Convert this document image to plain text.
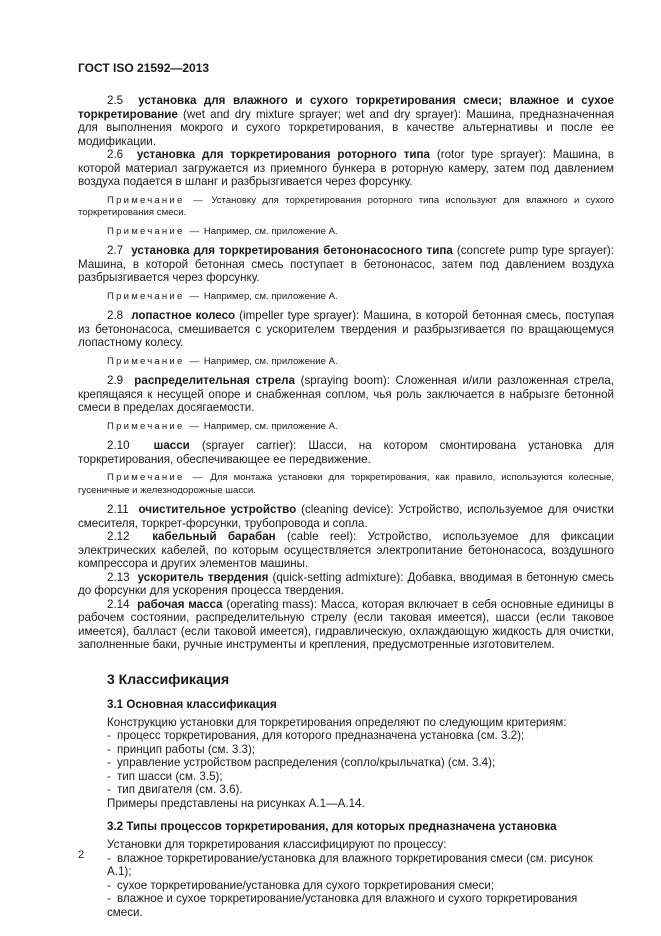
ГОСТ ISO 21592—2013

2.5 установка для влажного и сухого торкретирования смеси; влажное и сухое торкретирование (wet and dry mixture sprayer; wet and dry sprayer): Машина, предназначенная для выполнения мокрого и сухого торкретирования, в качестве альтернативы и после ее модификации.

2.6 установка для торкретирования роторного типа (rotor type sprayer): Машина, в которой материал загружается из приемного бункера в роторную камеру, затем под давлением воздуха подается в шланг и разбрызгивается через форсунку.

Примечание — Установку для торкретирования роторного типа используют для влажного и сухого торкретирования смеси.

Примечание — Например, см. приложение А.

2.7 установка для торкретирования бетононасосного типа (concrete pump type sprayer): Машина, в которой бетонная смесь поступает в бетононасос, затем под давлением воздуха разбрызгивается через форсунку.

Примечание — Например, см. приложение А.

2.8 лопастное колесо (impeller type sprayer): Машина, в которой бетонная смесь, поступая из бетононасоса, смешивается с ускорителем твердения и разбрызгивается по вращающемуся лопастному колесу.

Примечание — Например, см. приложение А.

2.9 распределительная стрела (spraying boom): Сложенная и/или разложенная стрела, крепящаяся к несущей опоре и снабженная соплом, чья роль заключается в набрызге бетонной смеси в пределах досягаемости.

Примечание — Например, см. приложение А.

2.10 шасси (sprayer carrier): Шасси, на котором смонтирована установка для торкретирования, обеспечивающее ее передвижение.

Примечание — Для монтажа установки для торкретирования, как правило, используются колесные, гусеничные и железнодорожные шасси.

2.11 очистительное устройство (cleaning device): Устройство, используемое для очистки смесителя, торкрет-форсунки, трубопровода и сопла.

2.12 кабельный барабан (cable reel): Устройство, используемое для фиксации электрических кабелей, по которым осуществляется электропитание бетононасоса, воздушного компрессора и других элементов машины.

2.13 ускоритель твердения (quick-setting admixture): Добавка, вводимая в бетонную смесь до форсунки для ускорения процесса твердения.

2.14 рабочая масса (operating mass): Масса, которая включает в себя основные единицы в рабочем состоянии, распределительную стрелу (если таковая имеется), шасси (если таковое имеется), балласт (если таковой имеется), гидравлическую, охлаждающую жидкость для очистки, заполненные баки, ручные инструменты и крепления, предусмотренные изготовителем.

3 Классификация
3.1 Основная классификация
Конструкцию установки для торкретирования определяют по следующим критериям:
- процесс торкретирования, для которого предназначена установка (см. 3.2);
- принцип работы (см. 3.3);
- управление устройством распределения (сопло/крыльчатка) (см. 3.4);
- тип шасси (см. 3.5);
- тип двигателя (см. 3.6).
Примеры представлены на рисунках А.1—А.14.
3.2 Типы процессов торкретирования, для которых предназначена установка
Установки для торкретирования классифицируют по процессу:
- влажное торкретирование/установка для влажного торкретирования смеси (см. рисунок А.1);
- сухое торкретирование/установка для сухого торкретирования смеси;
- влажное и сухое торкретирование/установка для влажного и сухого торкретирования смеси.
2
